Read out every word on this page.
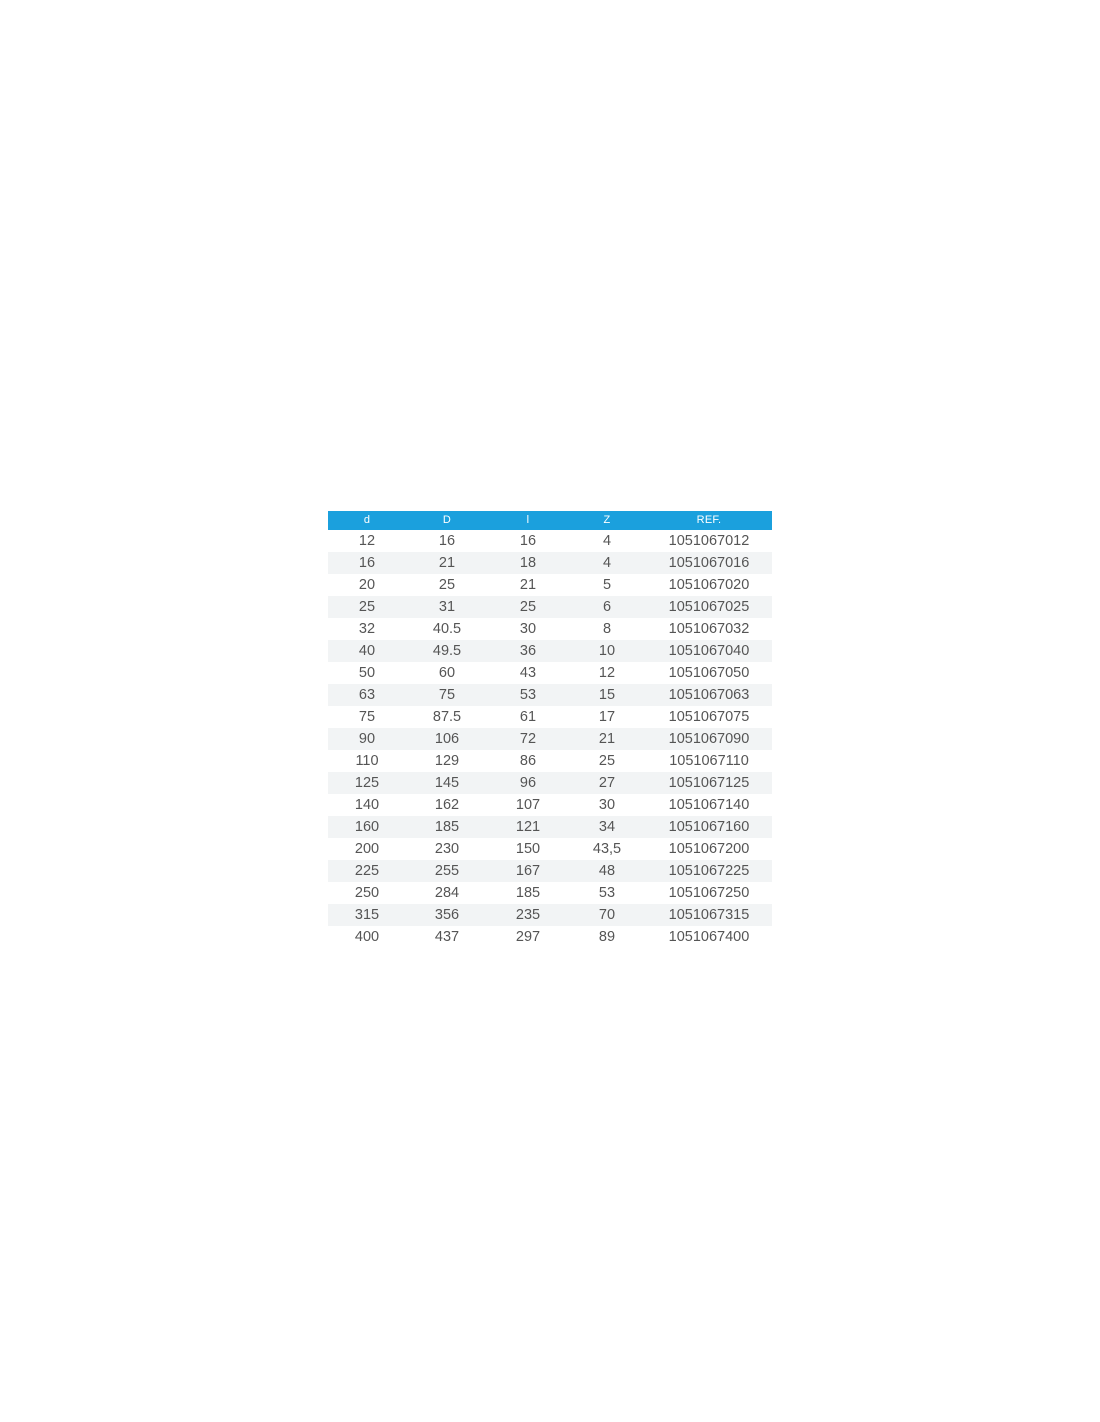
d	D	l	Z	REF.
12	16	16	4	1051067012
16	21	18	4	1051067016
20	25	21	5	1051067020
25	31	25	6	1051067025
32	40.5	30	8	1051067032
40	49.5	36	10	1051067040
50	60	43	12	1051067050
63	75	53	15	1051067063
75	87.5	61	17	1051067075
90	106	72	21	1051067090
110	129	86	25	1051067110
125	145	96	27	1051067125
140	162	107	30	1051067140
160	185	121	34	1051067160
200	230	150	43,5	1051067200
225	255	167	48	1051067225
250	284	185	53	1051067250
315	356	235	70	1051067315
400	437	297	89	1051067400
